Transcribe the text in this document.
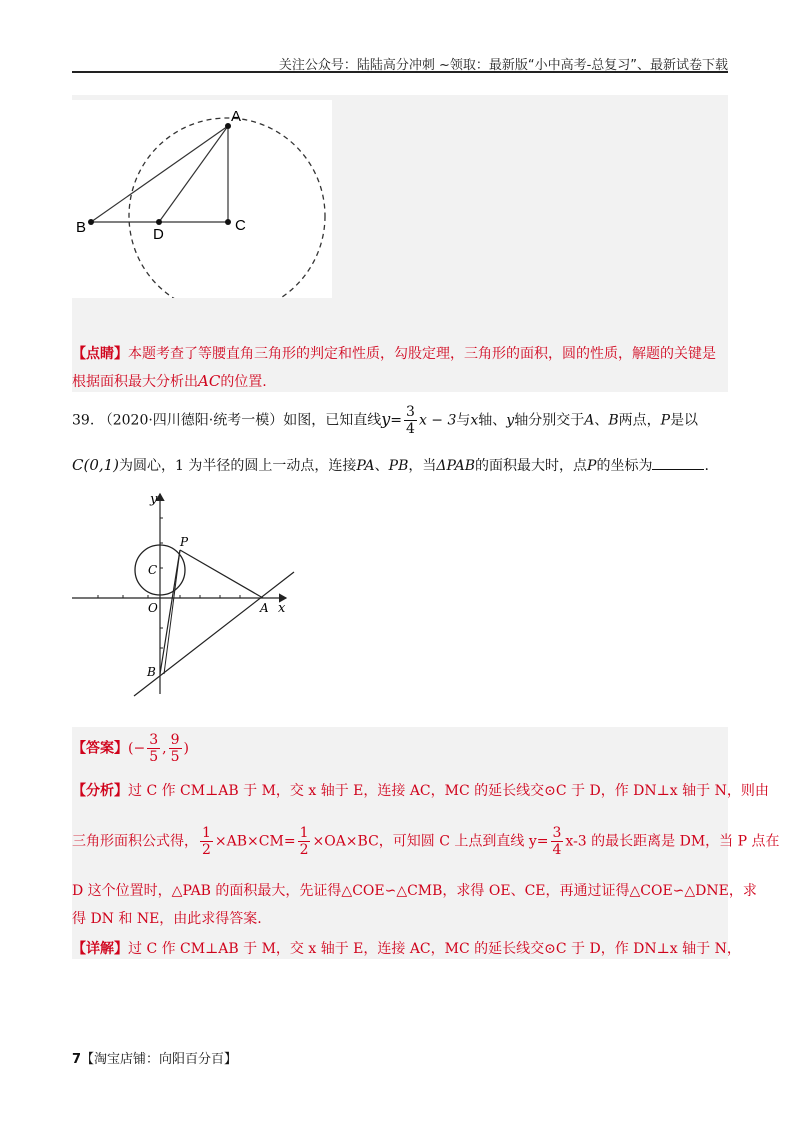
关注公众号：陆陆高分冲刺 ~领取：最新版“小中高考-总复习”、最新试卷下载
A
B	D
C
【点睛】本题考查了等腰直角三角形的判定和性质，勾股定理，三角形的面积，圆的性质，解题的关键是
根据面积最大分析出AC的位置.
39. （2020·四川德阳·统考一模）如图，已知直线$y= \frac{3}{4}$ x − 3与x轴、y轴分别交于A、B两点，P是以
C(0,1)为圆心，1 为半径的圆上一动点，连接PA、PB，当ΔPAB的面积最大时，点P的坐标为	.
y
P
C
O	A x
B
【答案】(− $\frac{3}{5}$ , $\frac{9}{5}$ )
【分析】过 C 作 CM⊥AB 于 M，交 x 轴于 E，连接 AC，MC 的延长线交⊙C 于 D，作 DN⊥x 轴于 N，则由
三角形面积公式得， $\frac{1}{2} \times AB\times CM= \frac{1}{2} \times OA\times BC$，可知圆 C 上点到直线 $y= \frac{3}{4} x-3$ 的最长距离是 DM，当 P 点在
D 这个位置时，△PAB 的面积最大，先证得△COE∽△CMB，求得 OE、CE，再通过证得△COE∽△DNE，求
得 DN 和 NE，由此求得答案.
【详解】过 C 作 CM⊥AB 于 M，交 x 轴于 E，连接 AC，MC 的延长线交⊙C 于 D，作 DN⊥x 轴于 N，
7【淘宝店铺：向阳百分百】
